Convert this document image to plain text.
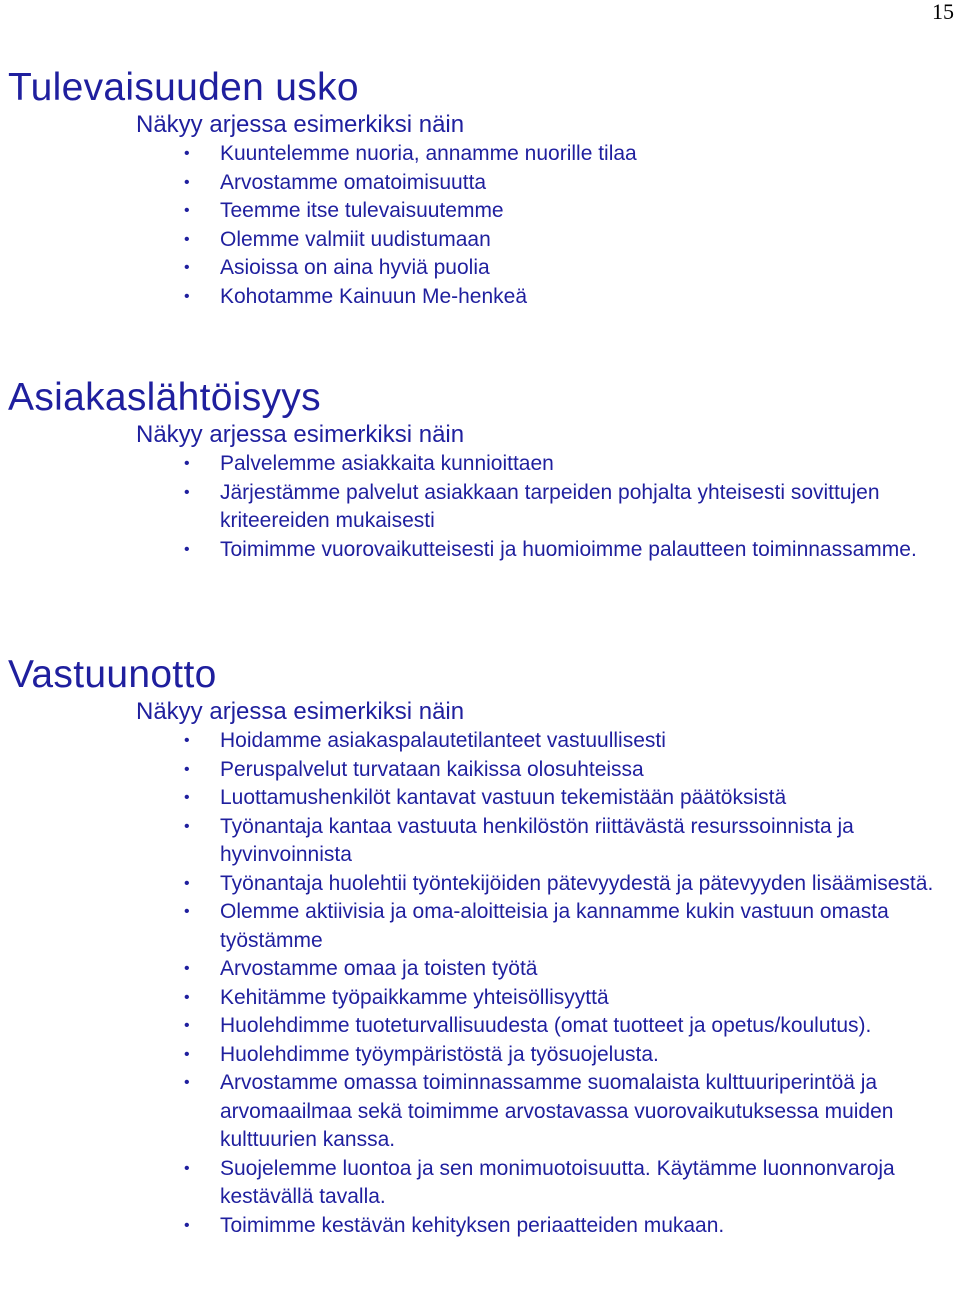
15
Tulevaisuuden usko
Näkyy arjessa esimerkiksi näin
• Kuuntelemme nuoria, annamme nuorille tilaa
• Arvostamme omatoimisuutta
• Teemme itse tulevaisuutemme
• Olemme valmiit uudistumaan
• Asioissa on aina hyviä puolia
• Kohotamme Kainuun Me-henkeä
Asiakaslähtöisyys
Näkyy arjessa esimerkiksi näin
• Palvelemme asiakkaita kunnioittaen
• Järjestämme palvelut asiakkaan tarpeiden pohjalta yhteisesti sovittujen kriteereiden mukaisesti
• Toimimme vuorovaikutteisesti ja huomioimme palautteen toiminnassamme.
Vastuunotto
Näkyy arjessa esimerkiksi näin
• Hoidamme asiakaspalautetilanteet vastuullisesti
• Peruspalvelut turvataan kaikissa olosuhteissa
• Luottamushenkilöt kantavat vastuun tekemistään päätöksistä
• Työnantaja kantaa vastuuta henkilöstön riittävästä resurssoinnista ja hyvinvoinnista
• Työnantaja huolehtii työntekijöiden pätevyydestä ja pätevyyden lisäämisestä.
• Olemme aktiivisia ja oma-aloitteisia ja kannamme kukin vastuun omasta työstämme
• Arvostamme omaa ja toisten työtä
• Kehitämme työpaikkamme yhteisöllisyyttä
• Huolehdimme tuoteturvallisuudesta (omat tuotteet ja opetus/koulutus).
• Huolehdimme työympäristöstä ja työsuojelusta.
• Arvostamme omassa toiminnassamme suomalaista kulttuuriperintöä ja arvomaailmaa sekä toimimme arvostavassa vuorovaikutuksessa muiden kulttuurien kanssa.
• Suojelemme luontoa ja sen monimuotoisuutta. Käytämme luonnonvaroja kestävällä tavalla.
• Toimimme kestävän kehityksen periaatteiden mukaan.
